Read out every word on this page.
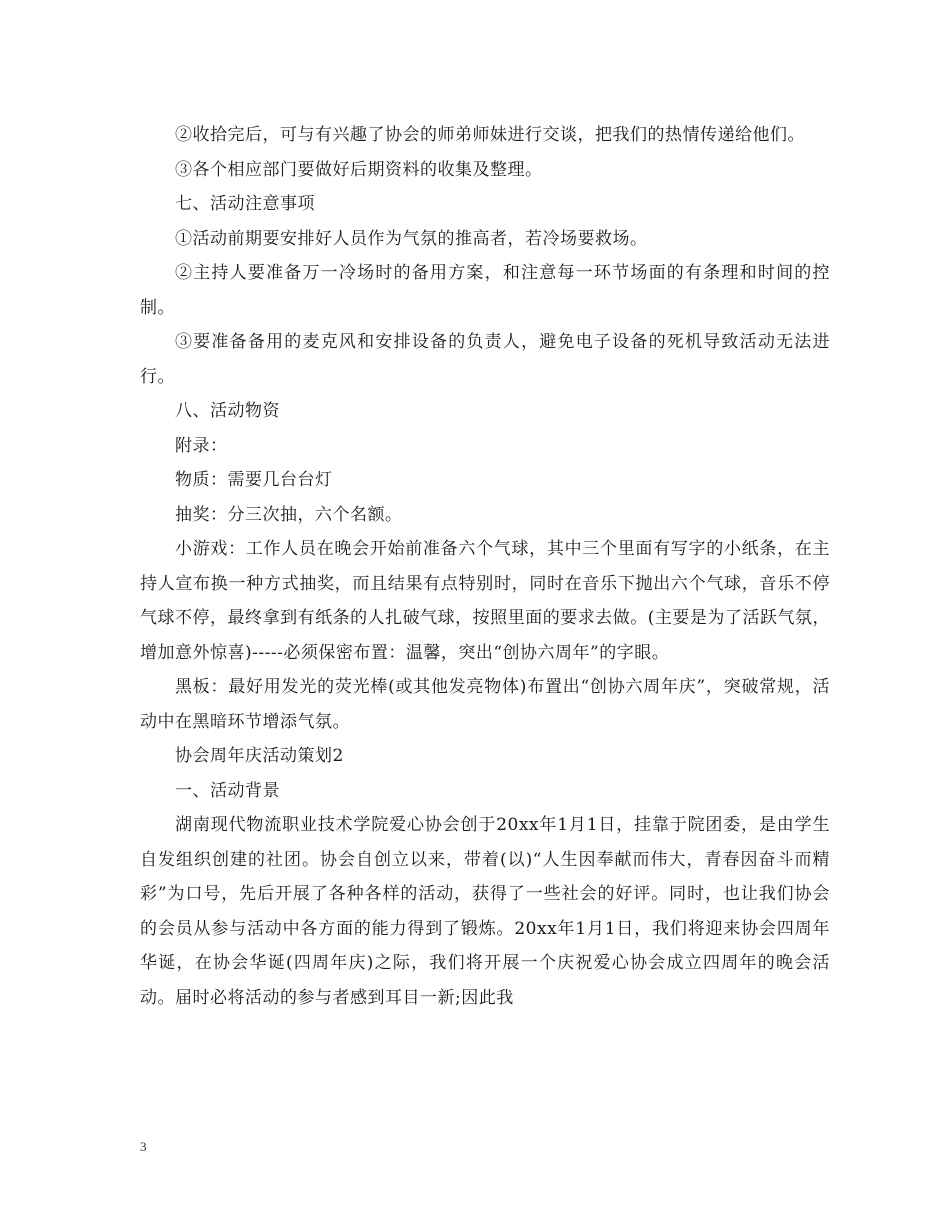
②收拾完后，可与有兴趣了协会的师弟师妹进行交谈，把我们的热情传递给他们。

③各个相应部门要做好后期资料的收集及整理。

七、活动注意事项

①活动前期要安排好人员作为气氛的推高者，若冷场要救场。

②主持人要准备万一冷场时的备用方案，和注意每一环节场面的有条理和时间的控制。

③要准备备用的麦克风和安排设备的负责人，避免电子设备的死机导致活动无法进行。

八、活动物资

附录：

物质：需要几台台灯

抽奖：分三次抽，六个名额。

小游戏：工作人员在晚会开始前准备六个气球，其中三个里面有写字的小纸条，在主持人宣布换一种方式抽奖，而且结果有点特别时，同时在音乐下抛出六个气球，音乐不停气球不停，最终拿到有纸条的人扎破气球，按照里面的要求去做。(主要是为了活跃气氛，增加意外惊喜)-----必须保密布置：温馨，突出“创协六周年”的字眼。

黑板：最好用发光的荧光棒(或其他发亮物体)布置出“创协六周年庆”，突破常规，活动中在黑暗环节增添气氛。

协会周年庆活动策划2

一、活动背景

湖南现代物流职业技术学院爱心协会创于20xx年1月1日，挂靠于院团委，是由学生自发组织创建的社团。协会自创立以来，带着(以)“人生因奉献而伟大，青春因奋斗而精彩”为口号，先后开展了各种各样的活动，获得了一些社会的好评。同时，也让我们协会的会员从参与活动中各方面的能力得到了锻炼。20xx年1月1日，我们将迎来协会四周年华诞，在协会华诞(四周年庆)之际，我们将开展一个庆祝爱心协会成立四周年的晚会活动。届时必将活动的参与者感到耳目一新;因此我

3
